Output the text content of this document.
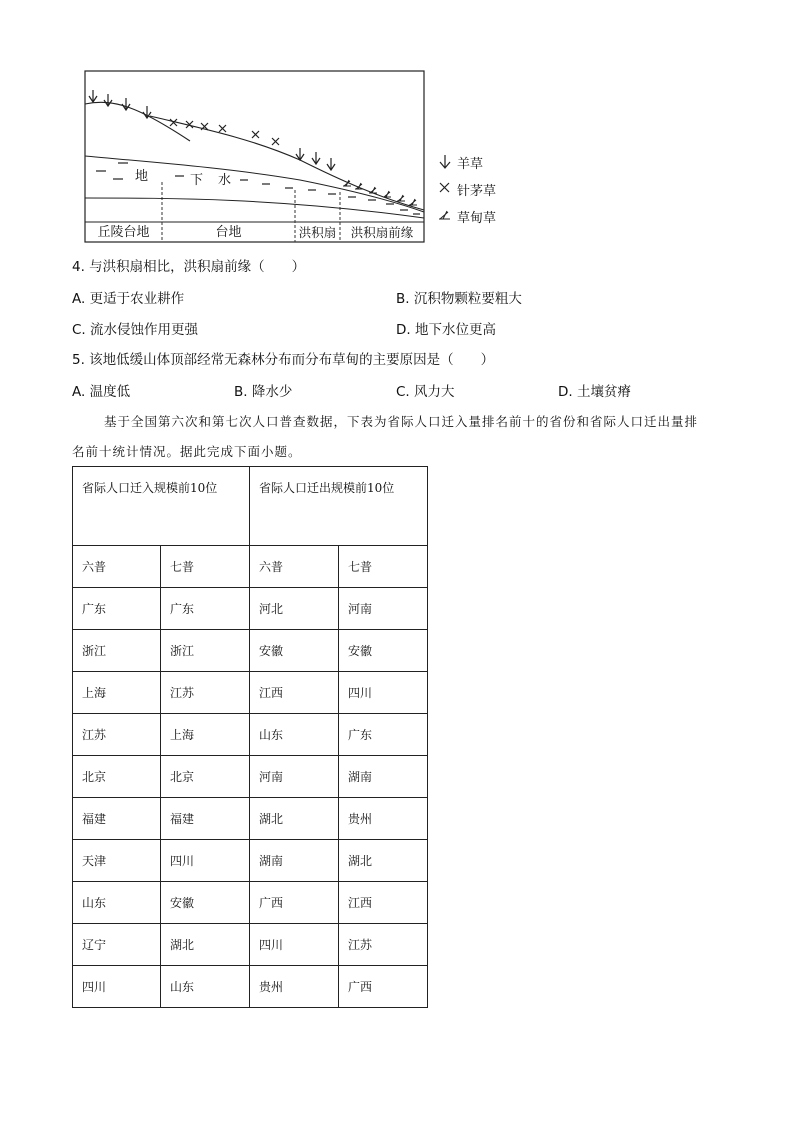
丘陵台地	台地	洪积扇	洪积扇前缘
地	下 水
羊草
针茅草
草甸草
4. 与洪积扇相比，洪积扇前缘（　　）
A. 更适于农业耕作	B. 沉积物颗粒要粗大
C. 流水侵蚀作用更强	D. 地下水位更高
5. 该地低缓山体顶部经常无森林分布而分布草甸的主要原因是（　　）
A. 温度低	B. 降水少	C. 风力大	D. 土壤贫瘠
基于全国第六次和第七次人口普查数据，下表为省际人口迁入量排名前十的省份和省际人口迁出量排
名前十统计情况。据此完成下面小题。
省际人口迁入规模前10位		省际人口迁出规模前10位	
六普	七普	六普	七普
广东	广东	河北	河南
浙江	浙江	安徽	安徽
上海	江苏	江西	四川
江苏	上海	山东	广东
北京	北京	河南	湖南
福建	福建	湖北	贵州
天津	四川	湖南	湖北
山东	安徽	广西	江西
辽宁	湖北	四川	江苏
四川	山东	贵州	广西
